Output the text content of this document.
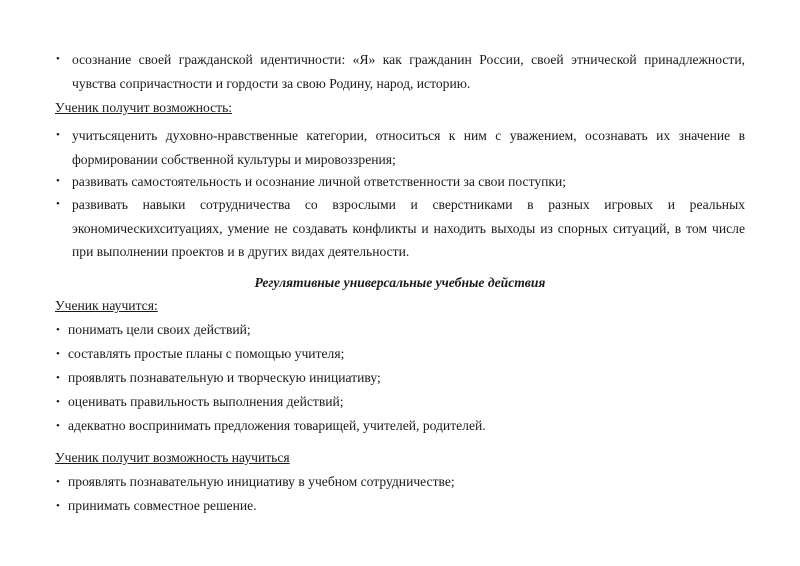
• осознание своей гражданской идентичности: «Я» как гражданин России, своей этнической принадлежности, чувства сопричастности и гордости за свою Родину, народ, историю.
Ученик получит возможность:
• учитьсяценить духовно-нравственные категории, относиться к ним с уважением, осознавать их значение в формировании собственной культуры и мировоззрения;
• развивать самостоятельность и осознание личной ответственности за свои поступки;
• развивать навыки сотрудничества со взрослыми и сверстниками в разных игровых и реальных экономическихситуациях, умение не создавать конфликты и находить выходы из спорных ситуаций, в том числе при выполнении проектов и в других видах деятельности.
Регулятивные универсальные учебные действия
Ученик научится:
• понимать цели своих действий;
• составлять простые планы с помощью учителя;
• проявлять познавательную и творческую инициативу;
• оценивать правильность выполнения действий;
• адекватно воспринимать предложения товарищей, учителей, родителей.
Ученик получит возможность научиться
• проявлять познавательную инициативу в учебном сотрудничестве;
• принимать совместное решение.
